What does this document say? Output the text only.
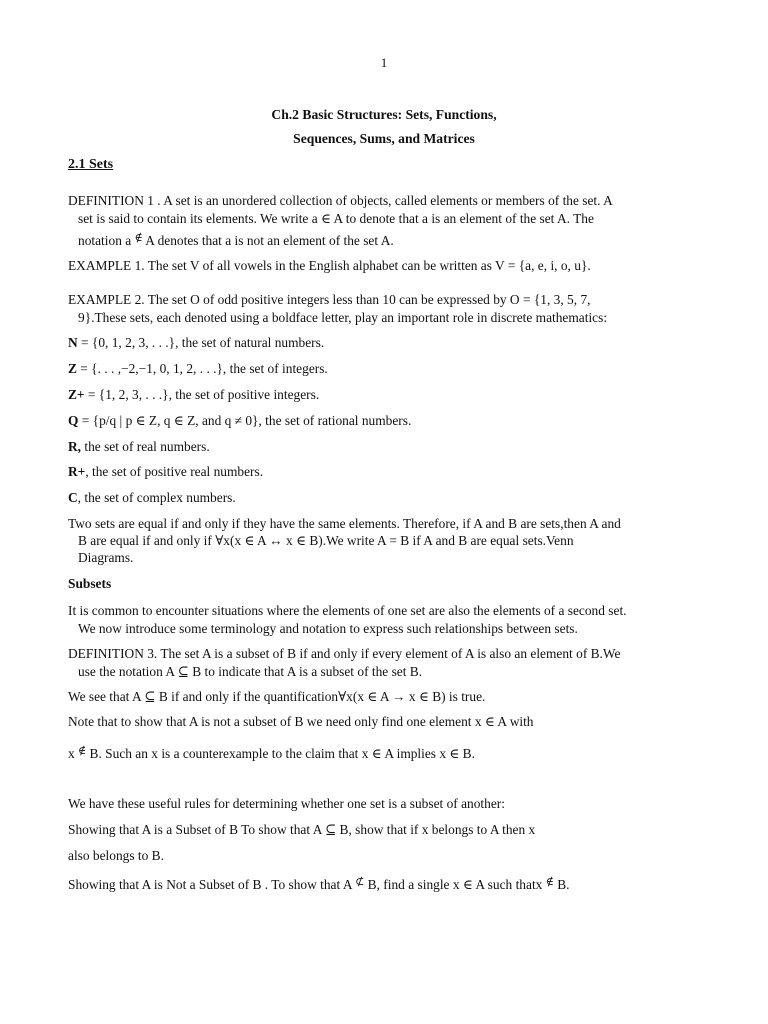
1
Ch.2 Basic Structures: Sets, Functions,
Sequences, Sums, and Matrices
2.1 Sets
DEFINITION 1 . A set is an unordered collection of objects, called elements or members of the set. A
set is said to contain its elements. We write a ∈ A to denote that a is an element of the set A. The
notation a ∉ A denotes that a is not an element of the set A.
EXAMPLE 1. The set V of all vowels in the English alphabet can be written as V = {a, e, i, o, u}.
EXAMPLE 2. The set O of odd positive integers less than 10 can be expressed by O = {1, 3, 5, 7,
9}.These sets, each denoted using a boldface letter, play an important role in discrete mathematics:
N = {0, 1, 2, 3, . . .}, the set of natural numbers.
Z = {. . . ,−2,−1, 0, 1, 2, . . .}, the set of integers.
Z+ = {1, 2, 3, . . .}, the set of positive integers.
Q = {p/q | p ∈ Z, q ∈ Z, and q ≠ 0}, the set of rational numbers.
R, the set of real numbers.
R+, the set of positive real numbers.
C, the set of complex numbers.
Two sets are equal if and only if they have the same elements. Therefore, if A and B are sets,then A and
B are equal if and only if ∀x(x ∈ A ↔ x ∈ B).We write A = B if A and B are equal sets.Venn
Diagrams.
Subsets
It is common to encounter situations where the elements of one set are also the elements of a second set.
We now introduce some terminology and notation to express such relationships between sets.
DEFINITION 3. The set A is a subset of B if and only if every element of A is also an element of B.We
use the notation A ⊆ B to indicate that A is a subset of the set B.
We see that A ⊆ B if and only if the quantification∀x(x ∈ A → x ∈ B) is true.
Note that to show that A is not a subset of B we need only find one element x ∈ A with
x ∉ B. Such an x is a counterexample to the claim that x ∈ A implies x ∈ B.
We have these useful rules for determining whether one set is a subset of another:
Showing that A is a Subset of B To show that A ⊆ B, show that if x belongs to A then x
also belongs to B.
Showing that A is Not a Subset of B . To show that A ⊄ B, find a single x ∈ A such thatx ∉ B.
